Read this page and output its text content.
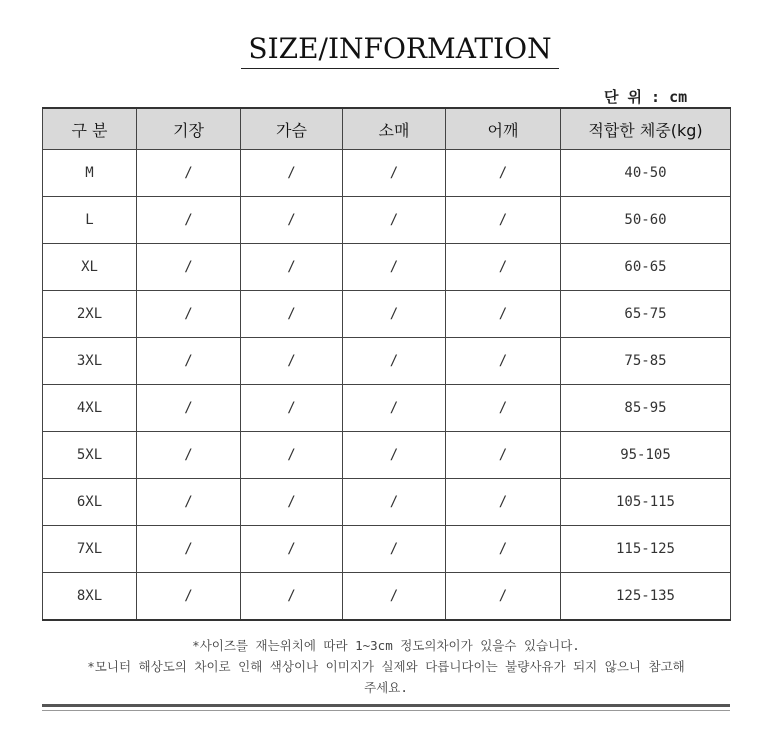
SIZE/INFORMATION
단 위 : cm
구 분	기장	가슴	소매	어깨	적합한 체중(kg)
M	/	/	/	/	40-50
L	/	/	/	/	50-60
XL	/	/	/	/	60-65
2XL	/	/	/	/	65-75
3XL	/	/	/	/	75-85
4XL	/	/	/	/	85-95
5XL	/	/	/	/	95-105
6XL	/	/	/	/	105-115
7XL	/	/	/	/	115-125
8XL	/	/	/	/	125-135
*사이즈를 재는위치에 따라 1~3cm 정도의차이가 있을수 있습니다.
*모니터 해상도의 차이로 인해 색상이나 이미지가 실제와 다릅니다이는 불량사유가 되지 않으니 참고해
주세요.
